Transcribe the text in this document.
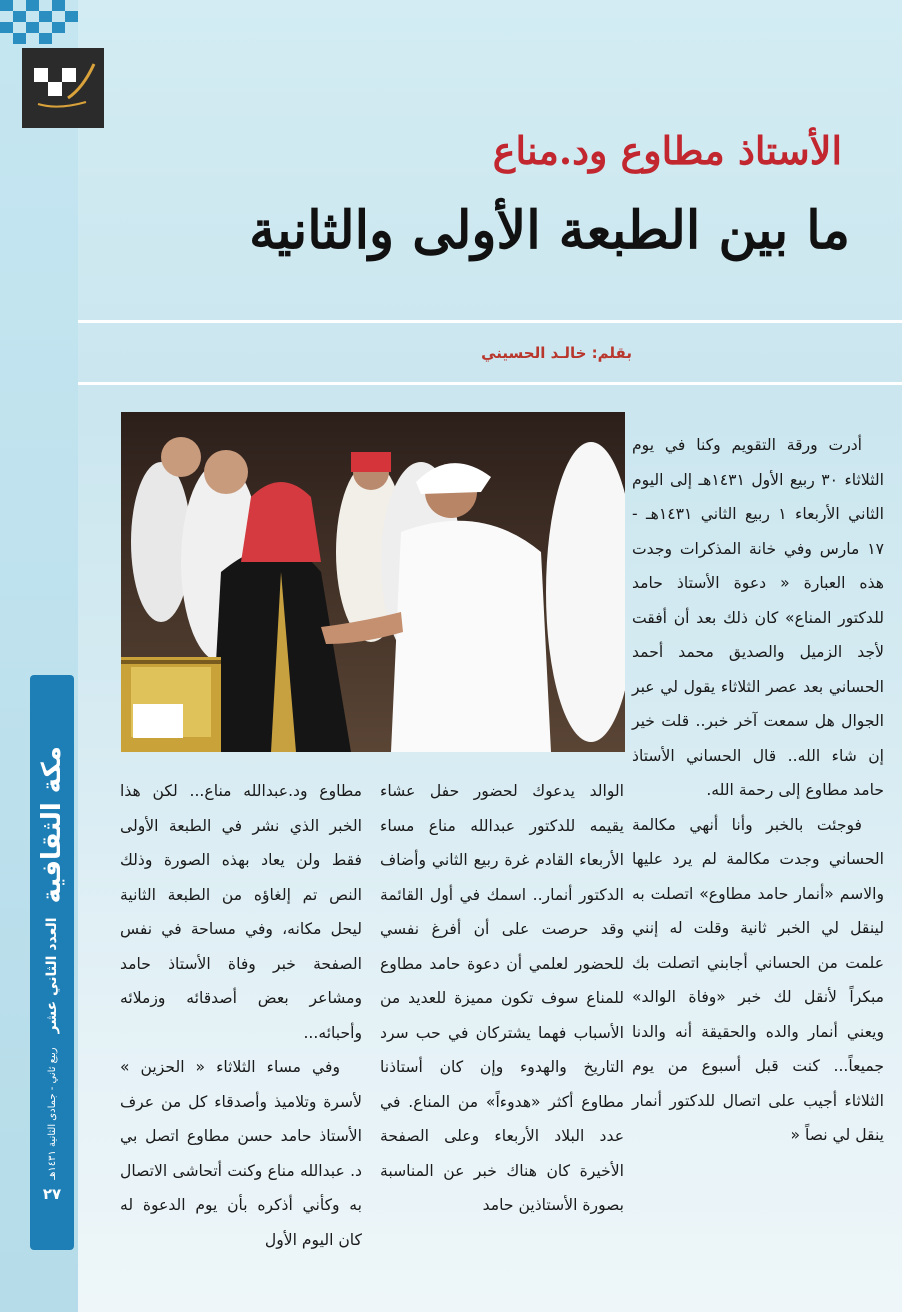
مكة الثقافية
العدد الثاني عشر
ربيع ثاني - جمادى الثانية ١٤٣١هـ
٢٧
الأستاذ مطاوع ود.مناع
ما بين الطبعة الأولى والثانية
بقلم: خالـد الحسيني

أدرت ورقة التقويم وكنا في يوم الثلاثاء ٣٠ ربيع الأول ١٤٣١هـ إلى اليوم الثاني الأربعاء ١ ربيع الثاني ١٤٣١هـ - ١٧ مارس وفي خانة المذكرات وجدت هذه العبارة « دعوة الأستاذ حامد للدكتور المناع» كان ذلك بعد أن أفقت لأجد الزميل والصديق محمد أحمد الحساني بعد عصر الثلاثاء يقول لي عبر الجوال هل سمعت آخر خبر.. قلت خير إن شاء الله.. قال الحساني الأستاذ حامد مطاوع إلى رحمة الله.

فوجئت بالخبر وأنا أنهي مكالمة الحساني وجدت مكالمة لم يرد عليها والاسم «أنمار حامد مطاوع» اتصلت به لينقل لي الخبر ثانية وقلت له إنني علمت من الحساني أجابني اتصلت بك مبكراً لأنقل لك خبر «وفاة الوالد» ويعني أنمار والده والحقيقة أنه والدنا جميعاً... كنت قبل أسبوع من يوم الثلاثاء أجيب على اتصال للدكتور أنمار ينقل لي نصاً «

الوالد يدعوك لحضور حفل عشاء يقيمه للدكتور عبدالله مناع مساء الأربعاء القادم غرة ربيع الثاني وأضاف الدكتور أنمار.. اسمك في أول القائمة وقد حرصت على أن أفرغ نفسي للحضور لعلمي أن دعوة حامد مطاوع للمناع سوف تكون مميزة للعديد من الأسباب فهما يشتركان في حب سرد التاريخ والهدوء وإن كان أستاذنا مطاوع أكثر «هدوءاً» من المناع. في عدد البلاد الأربعاء وعلى الصفحة الأخيرة كان هناك خبر عن المناسبة بصورة الأستاذين حامد

مطاوع ود.عبدالله مناع... لكن هذا الخبر الذي نشر في الطبعة الأولى فقط ولن يعاد بهذه الصورة وذلك النص تم إلغاؤه من الطبعة الثانية ليحل مكانه، وفي مساحة في نفس الصفحة خبر وفاة الأستاذ حامد ومشاعر بعض أصدقائه وزملائه وأحبائه...

وفي مساء الثلاثاء « الحزين » لأسرة وتلاميذ وأصدقاء كل من عرف الأستاذ حامد حسن مطاوع اتصل بي د. عبدالله مناع وكنت أتحاشى الاتصال به وكأني أذكره بأن يوم الدعوة له كان اليوم الأول
